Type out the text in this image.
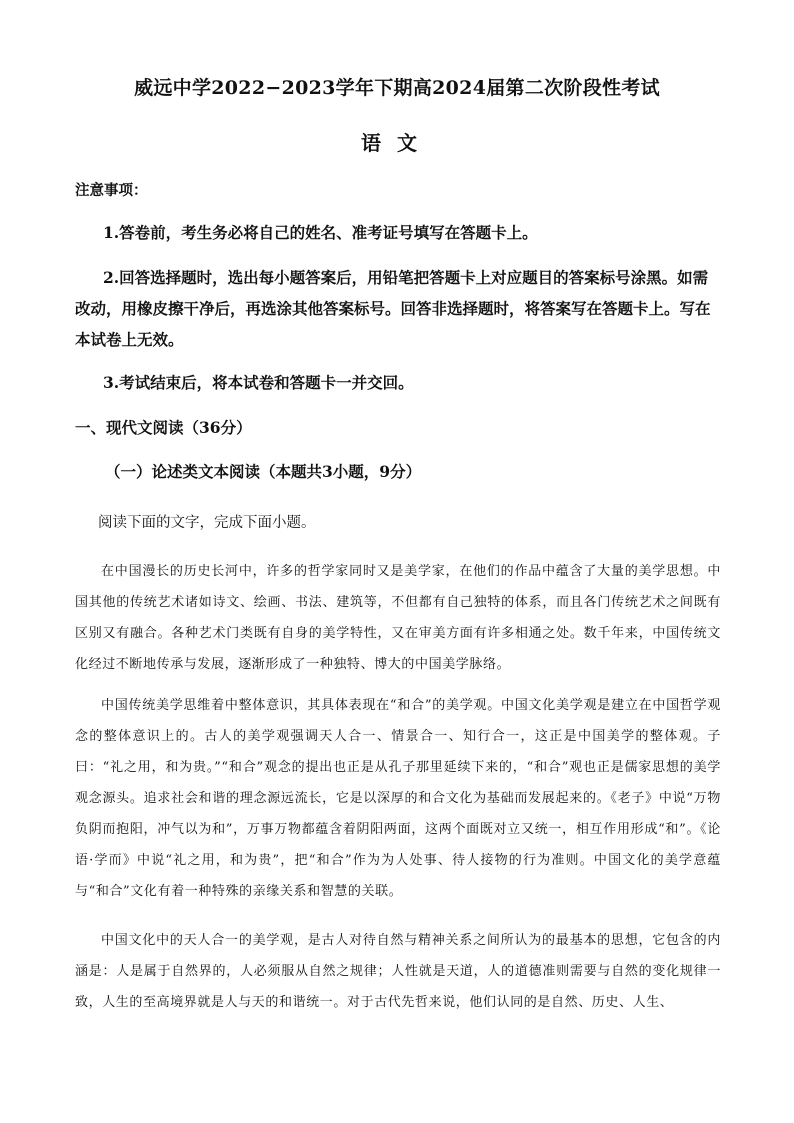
威远中学2022−2023学年下期高2024届第二次阶段性考试
语文
注意事项：
1.答卷前，考生务必将自己的姓名、准考证号填写在答题卡上。
2.回答选择题时，选出每小题答案后，用铅笔把答题卡上对应题目的答案标号涂黑。如需改动，用橡皮擦干净后，再选涂其他答案标号。回答非选择题时，将答案写在答题卡上。写在本试卷上无效。
3.考试结束后，将本试卷和答题卡一并交回。
一、现代文阅读（36分）
（一）论述类文本阅读（本题共3小题，9分）
阅读下面的文字，完成下面小题。
在中国漫长的历史长河中，许多的哲学家同时又是美学家，在他们的作品中蕴含了大量的美学思想。中国其他的传统艺术诸如诗文、绘画、书法、建筑等，不但都有自己独特的体系，而且各门传统艺术之间既有区别又有融合。各种艺术门类既有自身的美学特性，又在审美方面有许多相通之处。数千年来，中国传统文化经过不断地传承与发展，逐渐形成了一种独特、博大的中国美学脉络。
中国传统美学思维着中整体意识，其具体表现在“和合”的美学观。中国文化美学观是建立在中国哲学观念的整体意识上的。古人的美学观强调天人合一、情景合一、知行合一，这正是中国美学的整体观。子曰：“礼之用，和为贵。”“和合”观念的提出也正是从孔子那里延续下来的，“和合”观也正是儒家思想的美学观念源头。追求社会和谐的理念源远流长，它是以深厚的和合文化为基础而发展起来的。《老子》中说“万物负阴而抱阳，冲气以为和”，万事万物都蕴含着阴阳两面，这两个面既对立又统一，相互作用形成“和”。《论语·学而》中说“礼之用，和为贵”，把“和合”作为为人处事、待人接物的行为准则。中国文化的美学意蕴与“和合”文化有着一种特殊的亲缘关系和智慧的关联。
中国文化中的天人合一的美学观，是古人对待自然与精神关系之间所认为的最基本的思想，它包含的内涵是：人是属于自然界的，人必须服从自然之规律；人性就是天道，人的道德准则需要与自然的变化规律一致，人生的至高境界就是人与天的和谐统一。对于古代先哲来说，他们认同的是自然、历史、人生、
